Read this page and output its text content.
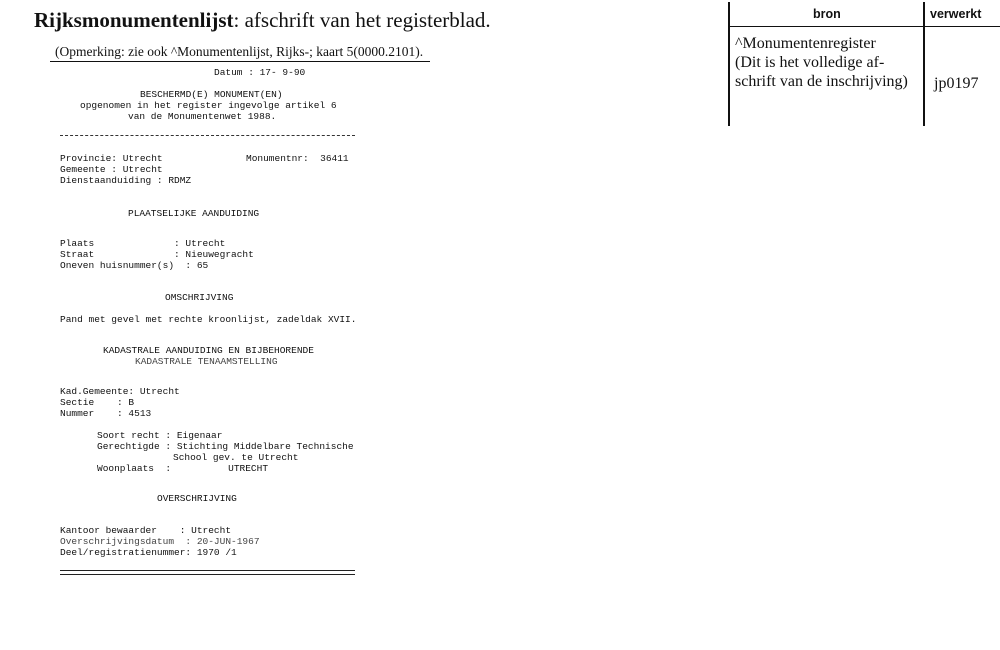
Rijksmonumentenlijst: afschrift van het registerblad.
(Opmerking: zie ook ^Monumentenlijst, Rijks-; kaart 5(0000.2101).
Datum : 17- 9-90
BESCHERMD(E) MONUMENT(EN)
opgenomen in het register ingevolge artikel 6
van de Monumentenwet 1988.
Provincie: Utrecht	Monumentnr:  36411
Gemeente : Utrecht
Dienstaanduiding : RDMZ
PLAATSELIJKE AANDUIDING
Plaats              : Utrecht
Straat              : Nieuwegracht
Oneven huisnummer(s)  : 65
OMSCHRIJVING
Pand met gevel met rechte kroonlijst, zadeldak XVII.
KADASTRALE AANDUIDING EN BIJBEHORENDE
KADASTRALE TENAAMSTELLING
Kad.Gemeente: Utrecht
Sectie    : B
Nummer    : 4513
Soort recht : Eigenaar
Gerechtigde : Stichting Middelbare Technische
School gev. te Utrecht
Woonplaats  :          UTRECHT
OVERSCHRIJVING
Kantoor bewaarder    : Utrecht
Overschrijvingsdatum  : 20-JUN-1967
Deel/registratienummer: 1970 /1
bron	verwerkt
^Monumentenregister
(Dit is het volledige af-
schrift van de inschrijving) jp0197
